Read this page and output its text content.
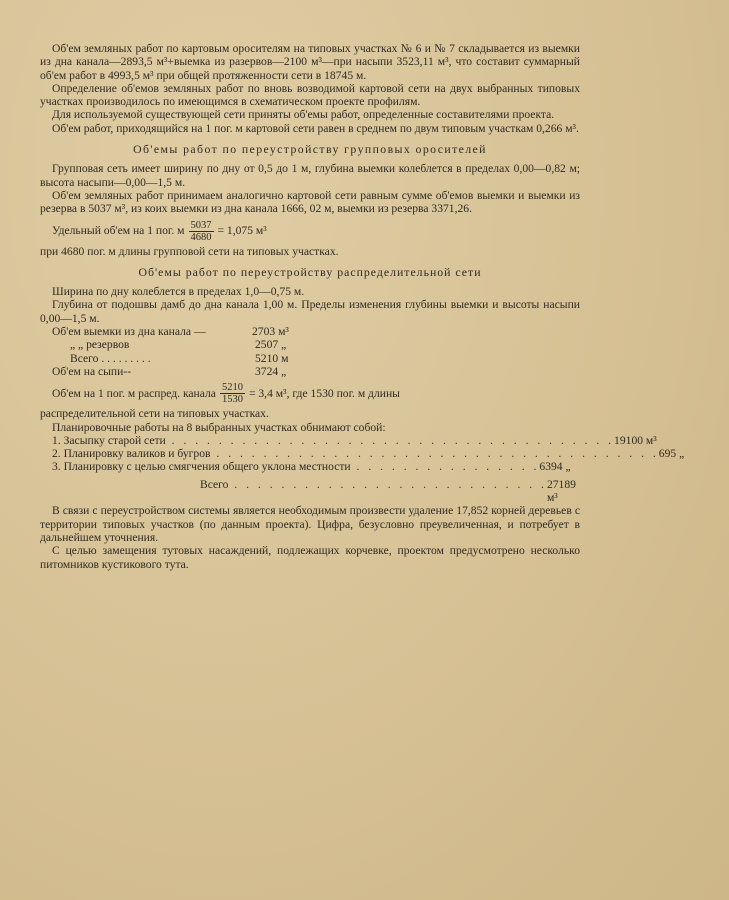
Об'ем земляных работ по картовым оросителям на типовых участках № 6 и № 7 складывается из выемки из дна канала—2893,5 м³+выемка из разервов—2100 м³—при насыпи 3523,11 м³, что составит суммарный об'ем работ в 4993,5 м³ при общей протяженности сети в 18745 м.

Определение об'емов земляных работ по вновь возводимой картовой сети на двух выбранных типовых участках производилось по имеющимся в схематическом проекте профилям.

Для используемой существующей сети приняты об'емы работ, определенные составителями проекта.

Об'ем работ, приходящийся на 1 пог. м картовой сети равен в среднем по двум типовым участкам 0,266 м³.

Об'емы работ по переустройству групповых оросителей

Групповая сеть имеет ширину по дну от 0,5 до 1 м, глубина выемки колеблется в пределах 0,00—0,82 м; высота насыпи—0,00—1,5 м.

Об'ем земляных работ принимаем аналогично картовой сети равным сумме об'емов выемки и выемки из резерва в 5037 м³, из коих выемки из дна канала 1666, 02 м, выемки из резерва 3371,26.

Удельный об'ем на 1 пог. м $\frac{5037}{4680} = 1,075$ м³

при 4680 пог. м длины групповой сети на типовых участках.

Об'емы работ по переустройству распределительной сети

Ширина по дну колеблется в пределах 1,0—0,75 м.

Глубина от подошвы дамб до дна канала 1,00 м. Пределы изменения глубины выемки и высоты насыпи 0,00—1,5 м.

Об'ем выемки из дна канала —	2703 м³
„ „ резервов	2507 „
Всего . . . . . . . . .	5210 м
Об'ем на сыпи--	3724 „
Об'ем на 1 пог. м распред. канала $\frac{5210}{1530} = 3,4$ м³, где 1530 пог. м длины

распределительной сети на типовых участках.

Планировочные работы на 8 выбранных участках обнимают собой:

1. Засыпку старой сети . . . . . . . . . . . . . . . . . . . . . . . . . . . . . . . . . . . . . . 19100 м³
2. Планировку валиков и бугров . . . . . . . . . . . . . . . . . . . . . . . . . . . . . . . . . . . . . . 695 „
3. Планировку с целью смягчения общего уклона местности . . . . . . . . . . . . . . . . 6394 „
Всего . . . . . . . . . . . . . . . . . . . . . . . . . . . 27189 м³

В связи с переустройством системы является необходимым произвести удаление 17,852 корней деревьев с территории типовых участков (по данным проекта). Цифра, безусловно преувеличенная, и потребует в дальнейшем уточнения.

С целью замещения тутовых насаждений, подлежащих корчевке, проектом предусмотрено несколько питомников кустикового тута.
